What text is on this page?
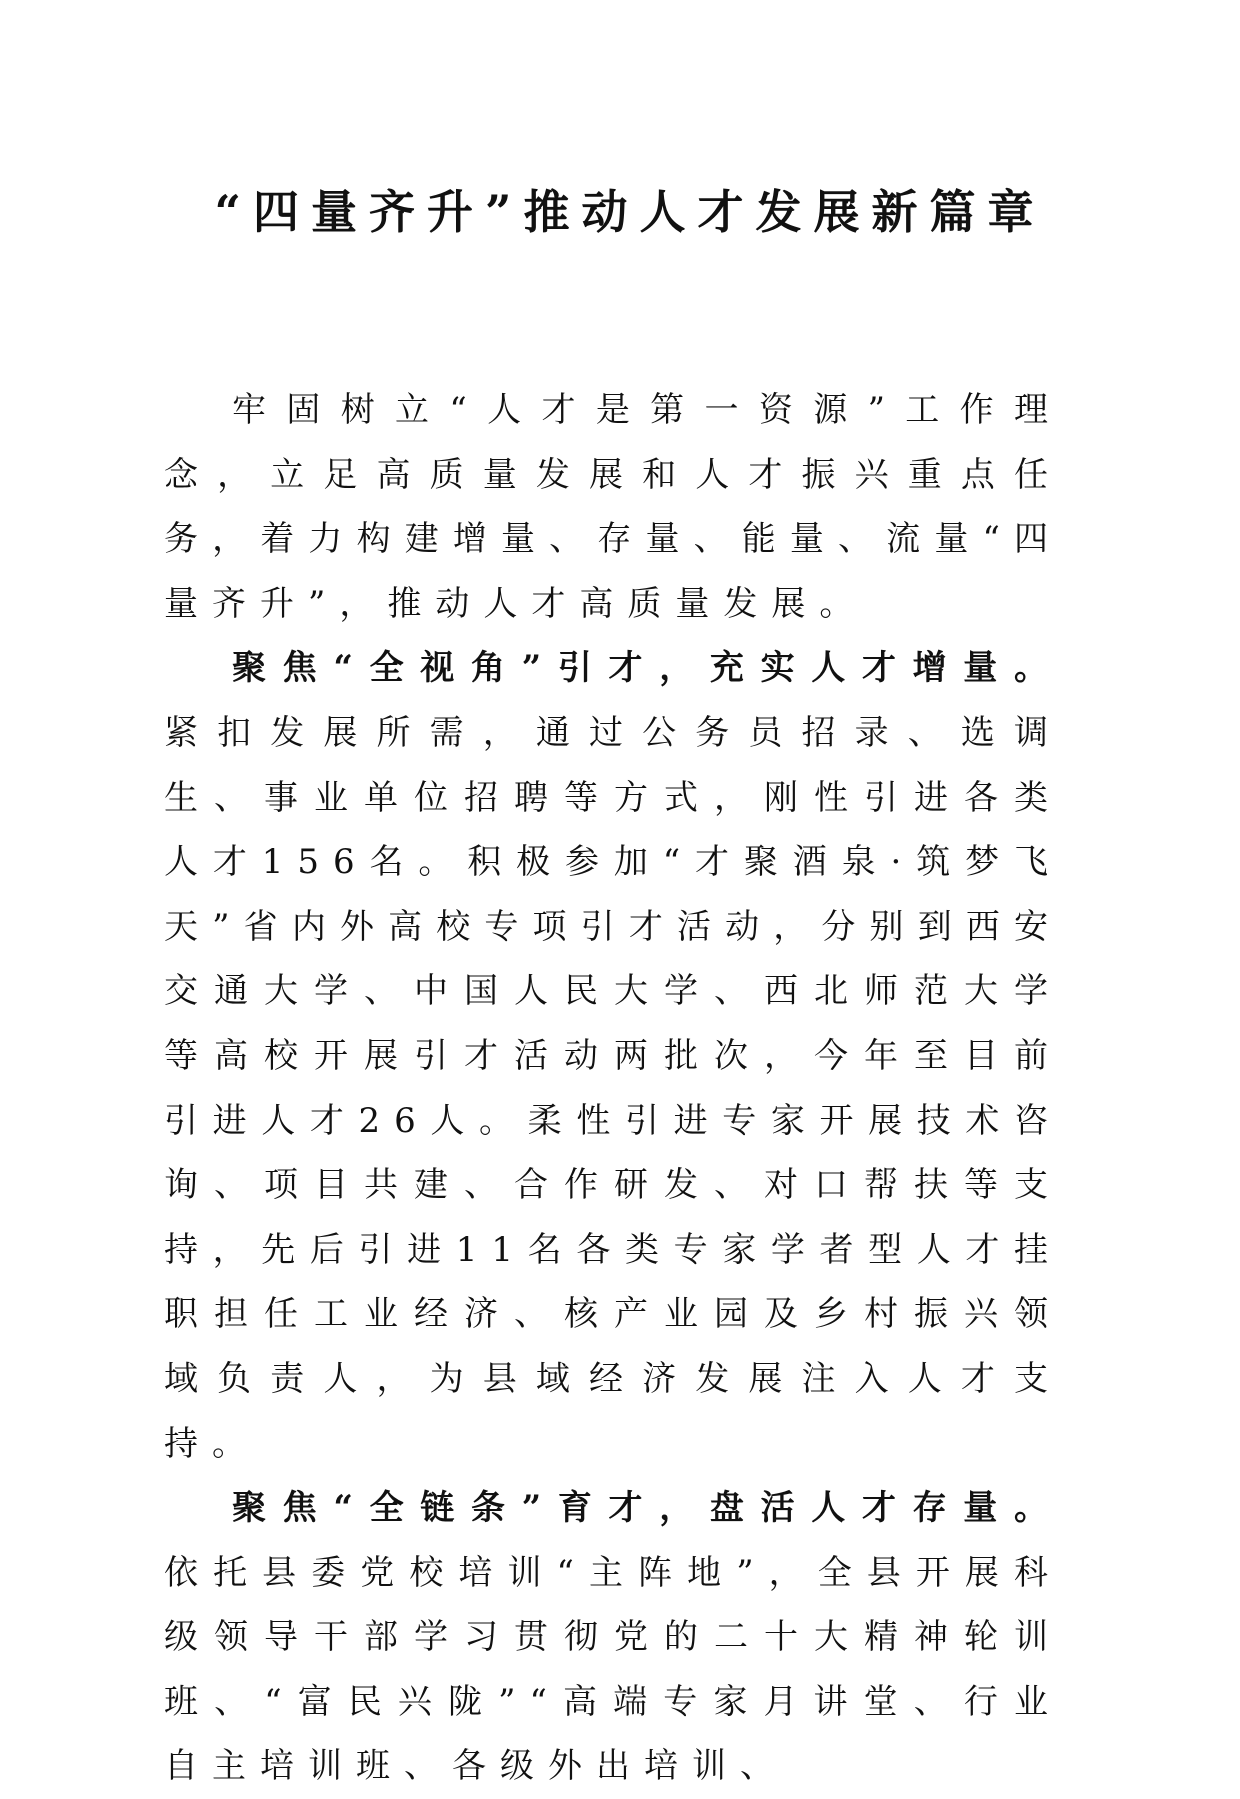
“四量齐升”推动人才发展新篇章

牢固树立“人才是第一资源”工作理念，立足高质量发展和人才振兴重点任务，着力构建增量、存量、能量、流量“四量齐升”，推动人才高质量发展。

聚焦“全视角”引才，充实人才增量。紧扣发展所需，通过公务员招录、选调生、事业单位招聘等方式，刚性引进各类人才156名。积极参加“才聚酒泉·筑梦飞天”省内外高校专项引才活动，分别到西安交通大学、中国人民大学、西北师范大学等高校开展引才活动两批次，今年至目前引进人才26人。柔性引进专家开展技术咨询、项目共建、合作研发、对口帮扶等支持，先后引进11名各类专家学者型人才挂职担任工业经济、核产业园及乡村振兴领域负责人，为县域经济发展注入人才支持。

聚焦“全链条”育才，盘活人才存量。依托县委党校培训“主阵地”，全县开展科级领导干部学习贯彻党的二十大精神轮训班、“富民兴陇”“高端专家月讲堂、行业自主培训班、各级外出培训、
